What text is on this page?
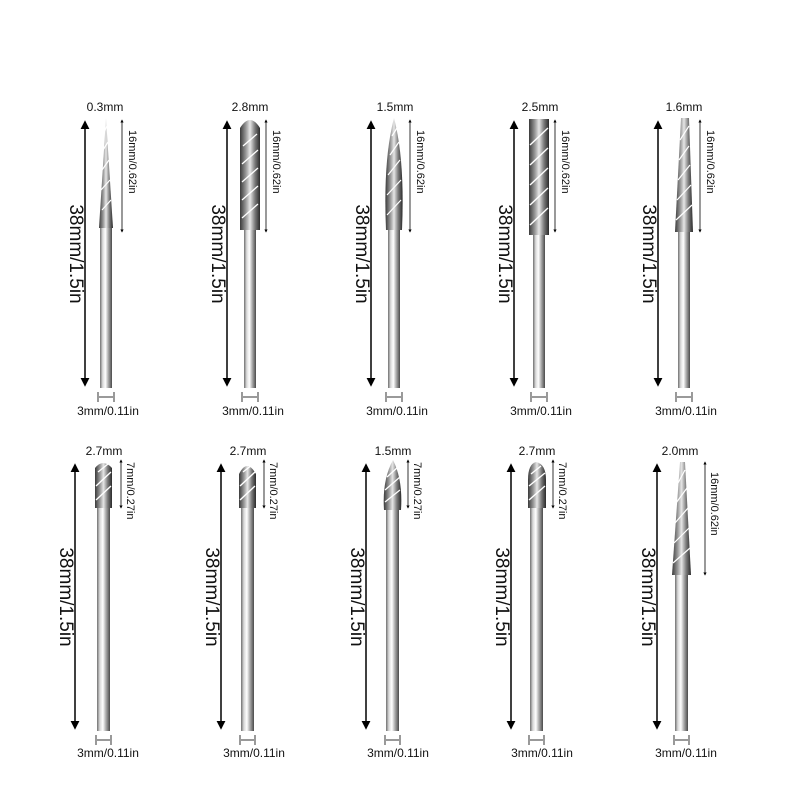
0.3mm
38mm/1.5in
16mm/0.62in
3mm/0.11in
2.8mm
38mm/1.5in
16mm/0.62in
3mm/0.11in
1.5mm
38mm/1.5in
16mm/0.62in
3mm/0.11in
2.5mm
38mm/1.5in
16mm/0.62in
3mm/0.11in
1.6mm
38mm/1.5in
16mm/0.62in
3mm/0.11in
2.7mm
38mm/1.5in
7mm/0.27in
3mm/0.11in
2.7mm
38mm/1.5in
7mm/0.27in
3mm/0.11in
1.5mm
38mm/1.5in
7mm/0.27in
3mm/0.11in
2.7mm
38mm/1.5in
7mm/0.27in
3mm/0.11in
2.0mm
38mm/1.5in
16mm/0.62in
3mm/0.11in
